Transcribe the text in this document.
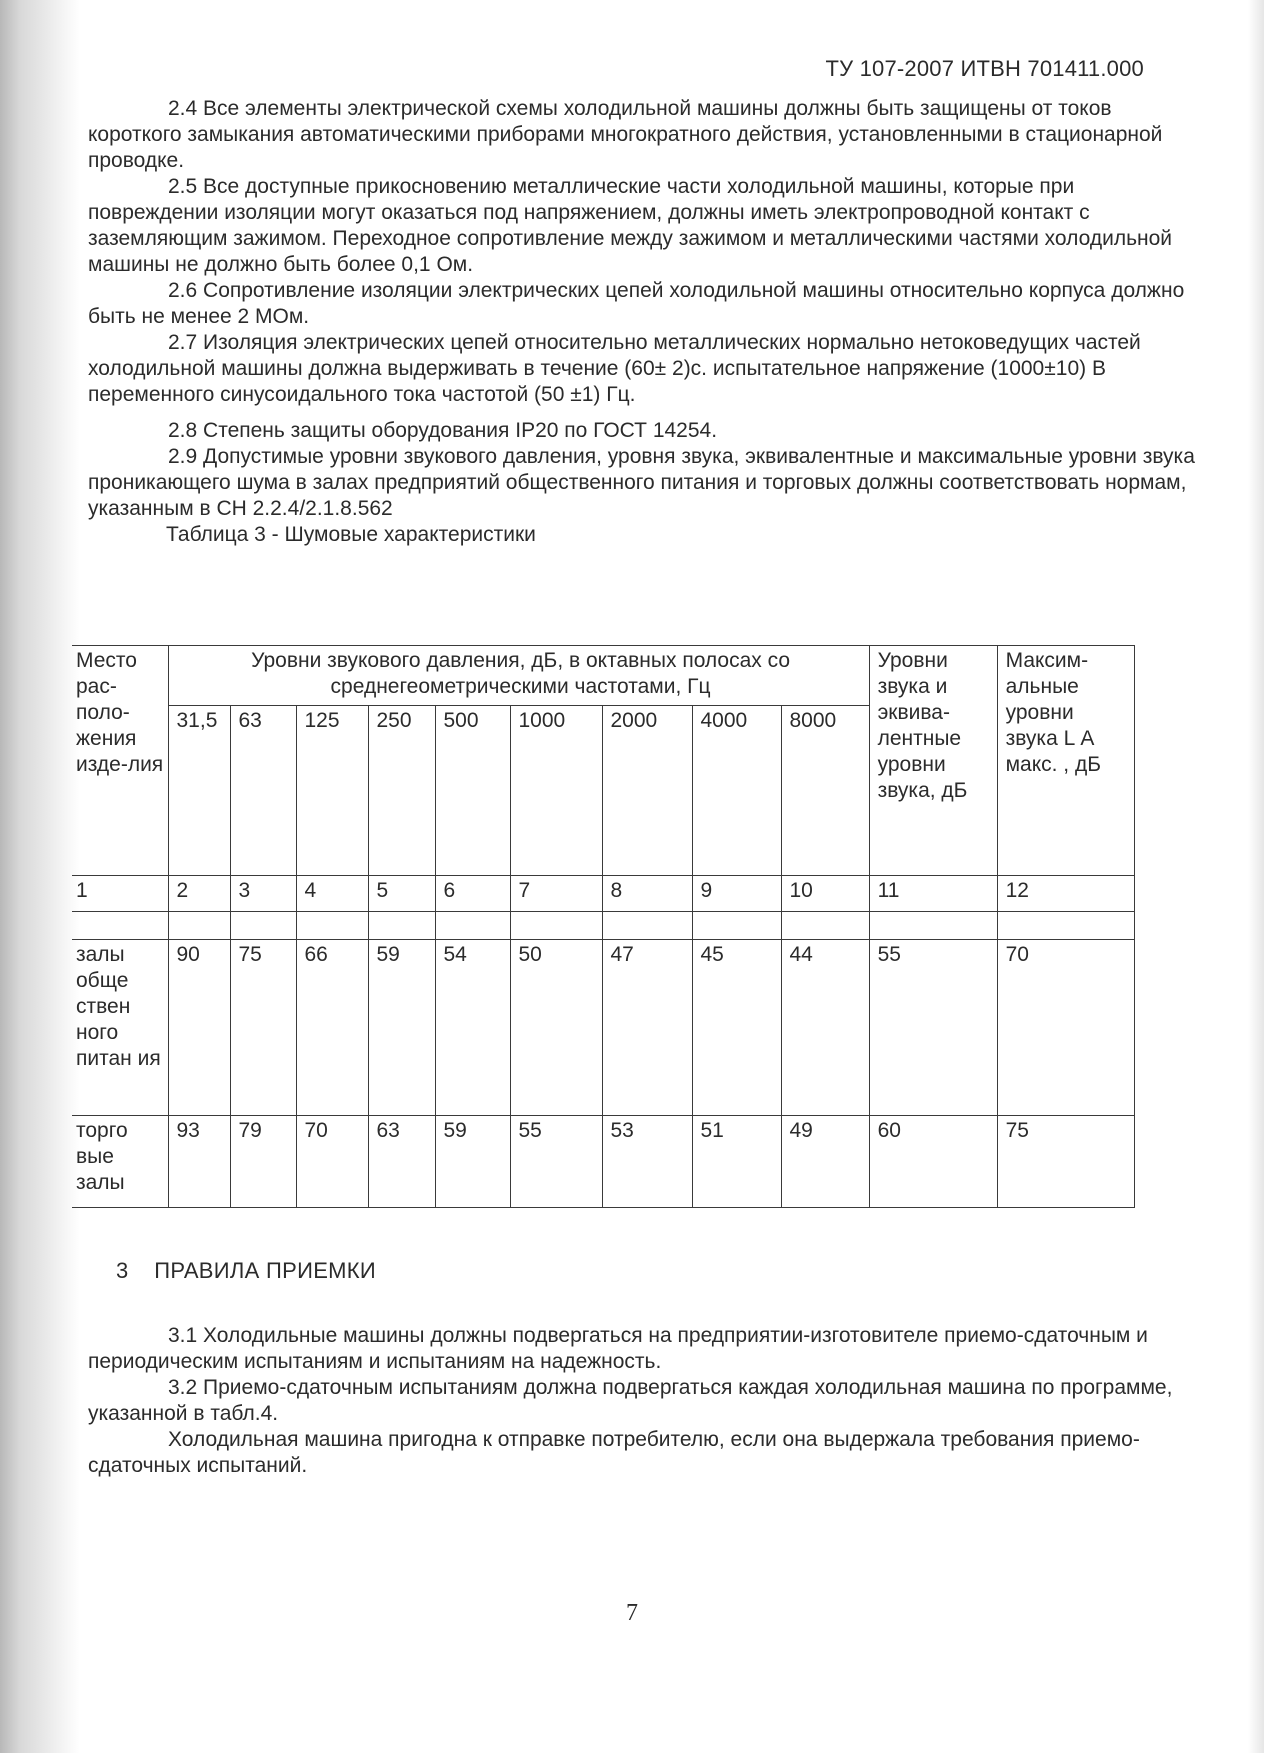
ТУ 107-2007 ИТВН 701411.000

2.4 Все элементы электрической схемы холодильной машины должны быть защищены от токов короткого замыкания автоматическими приборами многократного действия, установленными в стационарной проводке.

2.5 Все доступные прикосновению металлические части холодильной машины, которые при повреждении изоляции могут оказаться под напряжением, должны иметь электропроводной контакт с заземляющим зажимом. Переходное сопротивление между зажимом и металлическими частями холодильной машины не должно быть более 0,1 Ом.

2.6 Сопротивление изоляции электрических цепей холодильной машины относительно корпуса должно быть не менее 2 МОм.

2.7 Изоляция электрических цепей относительно металлических нормально нетоковедущих частей холодильной машины должна выдерживать в течение (60± 2)с. испытательное напряжение (1000±10) В переменного синусоидального тока частотой (50 ±1) Гц.

2.8 Степень защиты оборудования IP20 по ГОСТ 14254.

2.9 Допустимые уровни звукового давления, уровня звука, эквивалентные и максимальные уровни звука проникающего шума в залах предприятий общественного питания и торговых должны соответствовать нормам, указанным в СН 2.2.4/2.1.8.562

Таблица 3 - Шумовые характеристики

Место рас-поло-жения изде-лия	Уровни звукового давления, дБ, в октавных полосах со среднегеометрическими частотами, Гц									Уровни звука и эквива-лентные уровни звука, дБ	Максим-альные уровни звука L А макс. , дБ
	31,5	63	125	250	500	1000	2000	4000	8000		
1	2	3	4	5	6	7	8	9	10	11	12

залы обще ствен ного питан ия	90	75	66	59	54	50	47	45	44	55	70
торго вые залы	93	79	70	63	59	55	53	51	49	60	75
3 ПРАВИЛА ПРИЕМКИ

3.1 Холодильные машины должны подвергаться на предприятии-изготовителе приемо-сдаточным и периодическим испытаниям и испытаниям на надежность.

3.2 Приемо-сдаточным испытаниям должна подвергаться каждая холодильная машина по программе, указанной в табл.4.

Холодильная машина пригодна к отправке потребителю, если она выдержала требования приемо-сдаточных испытаний.

7
